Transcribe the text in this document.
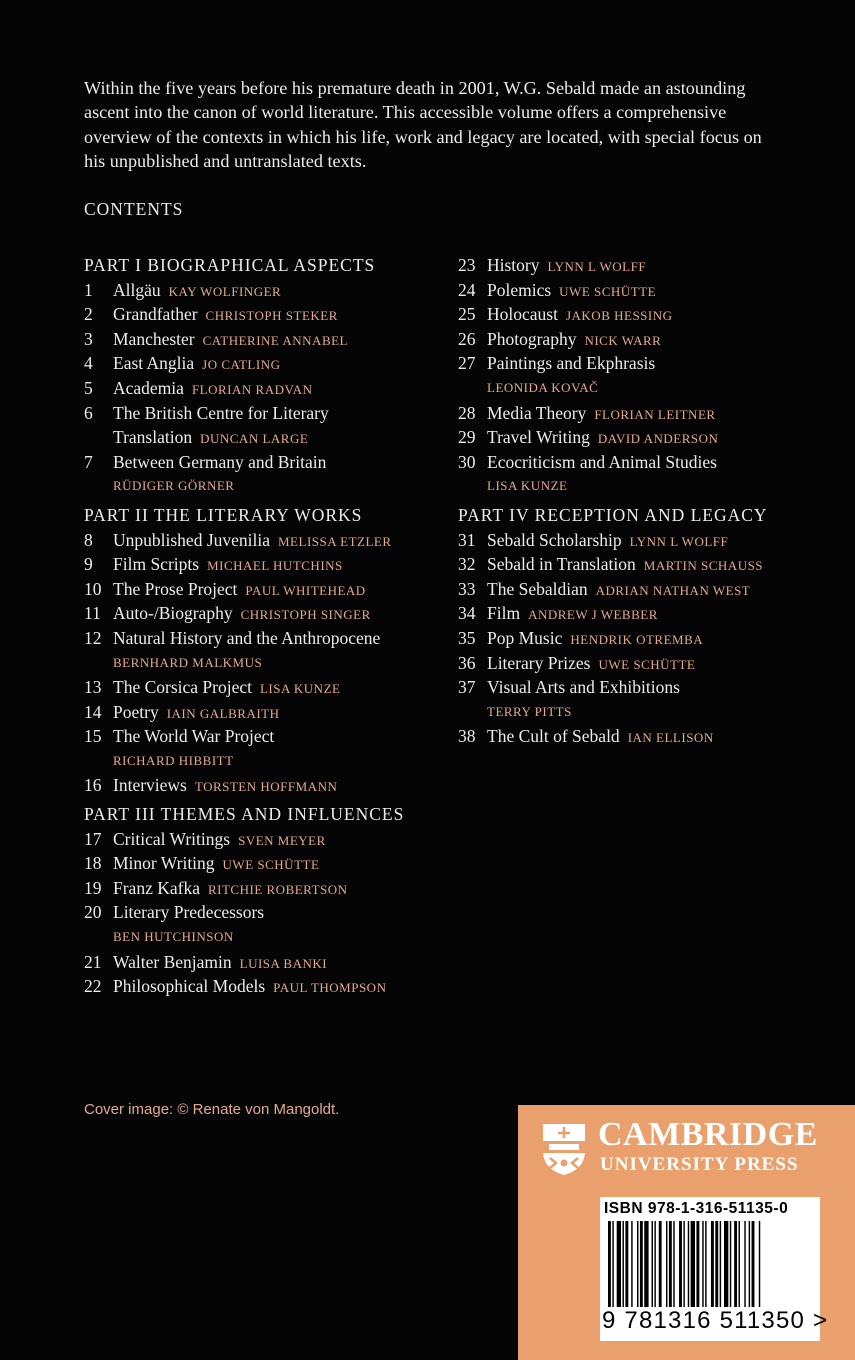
Within the five years before his premature death in 2001, W.G. Sebald made an astounding ascent into the canon of world literature. This accessible volume offers a comprehensive overview of the contexts in which his life, work and legacy are located, with special focus on his unpublished and untranslated texts.

CONTENTS

PART I BIOGRAPHICAL ASPECTS
1 Allgäu KAY WOLFINGER
2 Grandfather CHRISTOPH STEKER
3 Manchester CATHERINE ANNABEL
4 East Anglia JO CATLING
5 Academia FLORIAN RADVAN
6 The British Centre for Literary Translation DUNCAN LARGE
7 Between Germany and Britain
RÜDIGER GÖRNER
PART II THE LITERARY WORKS
8 Unpublished Juvenilia MELISSA ETZLER
9 Film Scripts MICHAEL HUTCHINS
10 The Prose Project PAUL WHITEHEAD
11 Auto-/Biography CHRISTOPH SINGER
12 Natural History and the Anthropocene
BERNHARD MALKMUS
13 The Corsica Project LISA KUNZE
14 Poetry IAIN GALBRAITH
15 The World War Project
RICHARD HIBBITT
16 Interviews TORSTEN HOFFMANN
PART III THEMES AND INFLUENCES
17 Critical Writings SVEN MEYER
18 Minor Writing UWE SCHÜTTE
19 Franz Kafka RITCHIE ROBERTSON
20 Literary Predecessors
BEN HUTCHINSON
21 Walter Benjamin LUISA BANKI
22 Philosophical Models PAUL THOMPSON
23 History LYNN L WOLFF
24 Polemics UWE SCHÜTTE
25 Holocaust JAKOB HESSING
26 Photography NICK WARR
27 Paintings and Ekphrasis
LEONIDA KOVAČ
28 Media Theory FLORIAN LEITNER
29 Travel Writing DAVID ANDERSON
30 Ecocriticism and Animal Studies
LISA KUNZE
PART IV RECEPTION AND LEGACY
31 Sebald Scholarship LYNN L WOLFF
32 Sebald in Translation MARTIN SCHAUSS
33 The Sebaldian ADRIAN NATHAN WEST
34 Film ANDREW J WEBBER
35 Pop Music HENDRIK OTREMBA
36 Literary Prizes UWE SCHÜTTE
37 Visual Arts and Exhibitions
TERRY PITTS
38 The Cult of Sebald IAN ELLISON
Cover image: © Renate von Mangoldt.
CAMBRIDGE
UNIVERSITY PRESS
ISBN 978-1-316-51135-0
9 781316 511350 >
